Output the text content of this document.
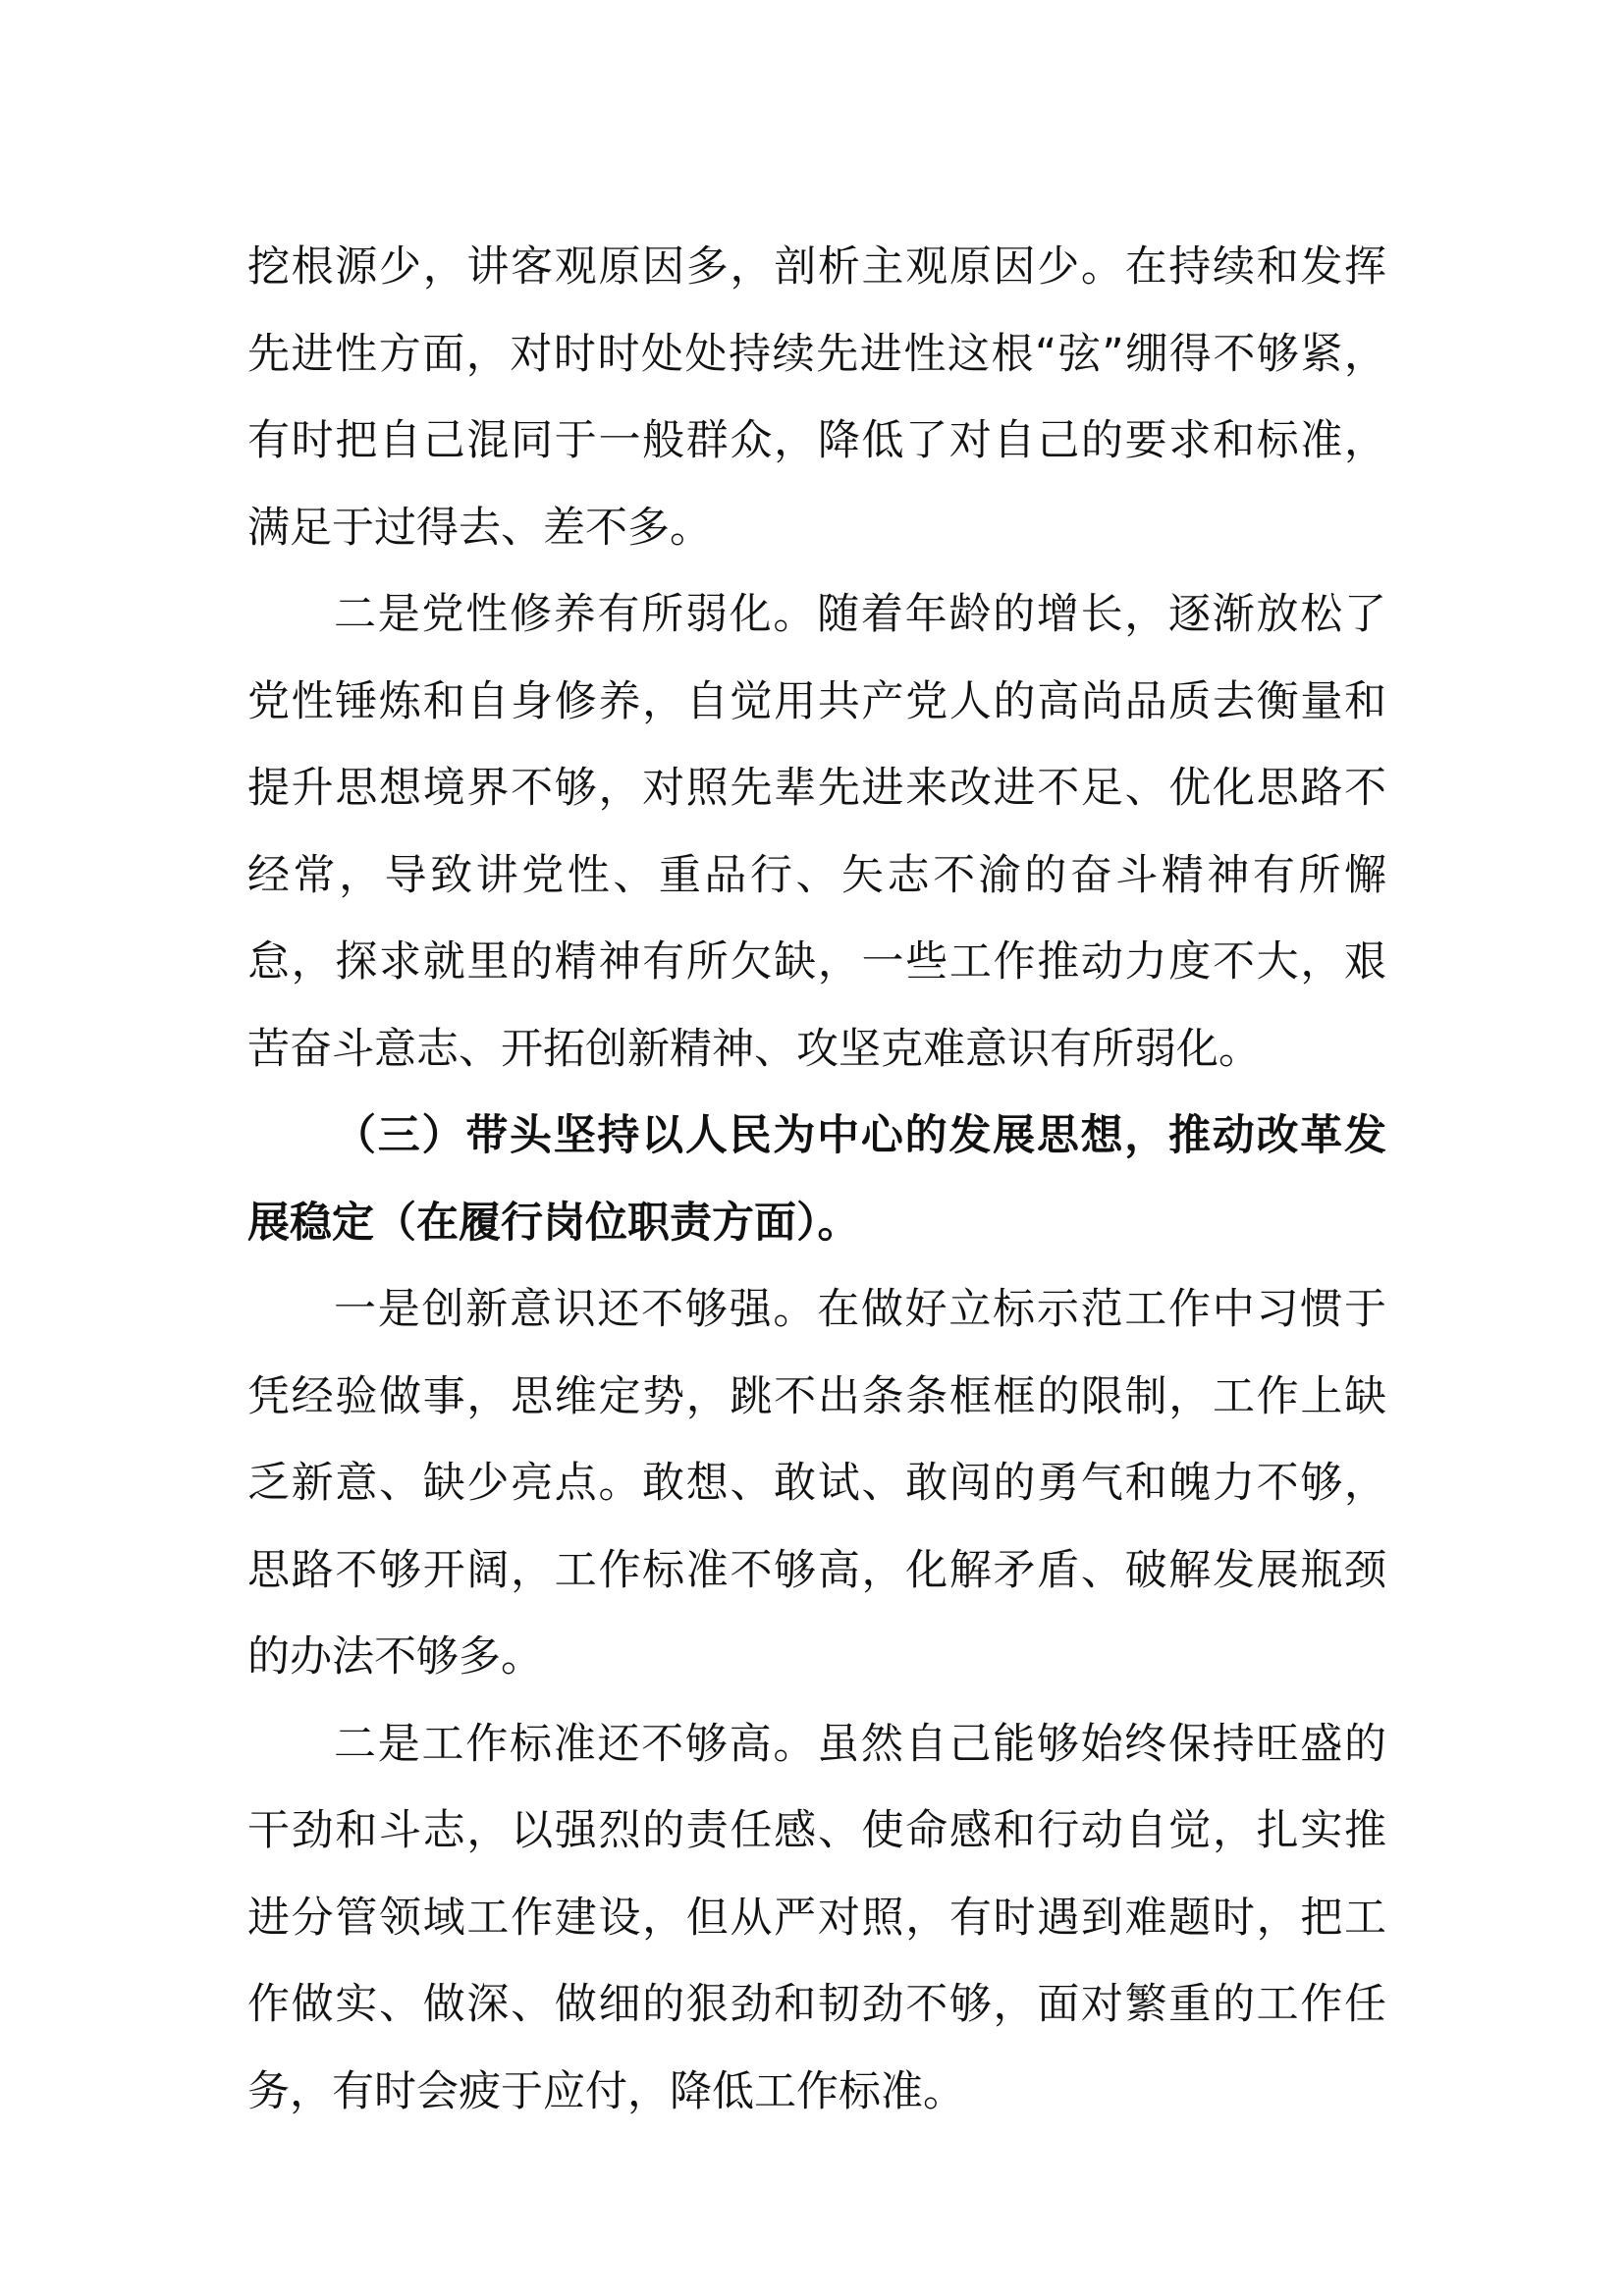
挖根源少，讲客观原因多，剖析主观原因少。在持续和发挥先进性方面，对时时处处持续先进性这根“弦”绷得不够紧，有时把自己混同于一般群众，降低了对自己的要求和标准，满足于过得去、差不多。

二是党性修养有所弱化。随着年龄的增长，逐渐放松了党性锤炼和自身修养，自觉用共产党人的高尚品质去衡量和提升思想境界不够，对照先辈先进来改进不足、优化思路不经常，导致讲党性、重品行、矢志不渝的奋斗精神有所懈怠，探求就里的精神有所欠缺，一些工作推动力度不大，艰苦奋斗意志、开拓创新精神、攻坚克难意识有所弱化。

（三）带头坚持以人民为中心的发展思想，推动改革发展稳定（在履行岗位职责方面）。

一是创新意识还不够强。在做好立标示范工作中习惯于凭经验做事，思维定势，跳不出条条框框的限制，工作上缺乏新意、缺少亮点。敢想、敢试、敢闯的勇气和魄力不够，思路不够开阔，工作标准不够高，化解矛盾、破解发展瓶颈的办法不够多。

二是工作标准还不够高。虽然自己能够始终保持旺盛的干劲和斗志，以强烈的责任感、使命感和行动自觉，扎实推进分管领域工作建设，但从严对照，有时遇到难题时，把工作做实、做深、做细的狠劲和韧劲不够，面对繁重的工作任务，有时会疲于应付，降低工作标准。
